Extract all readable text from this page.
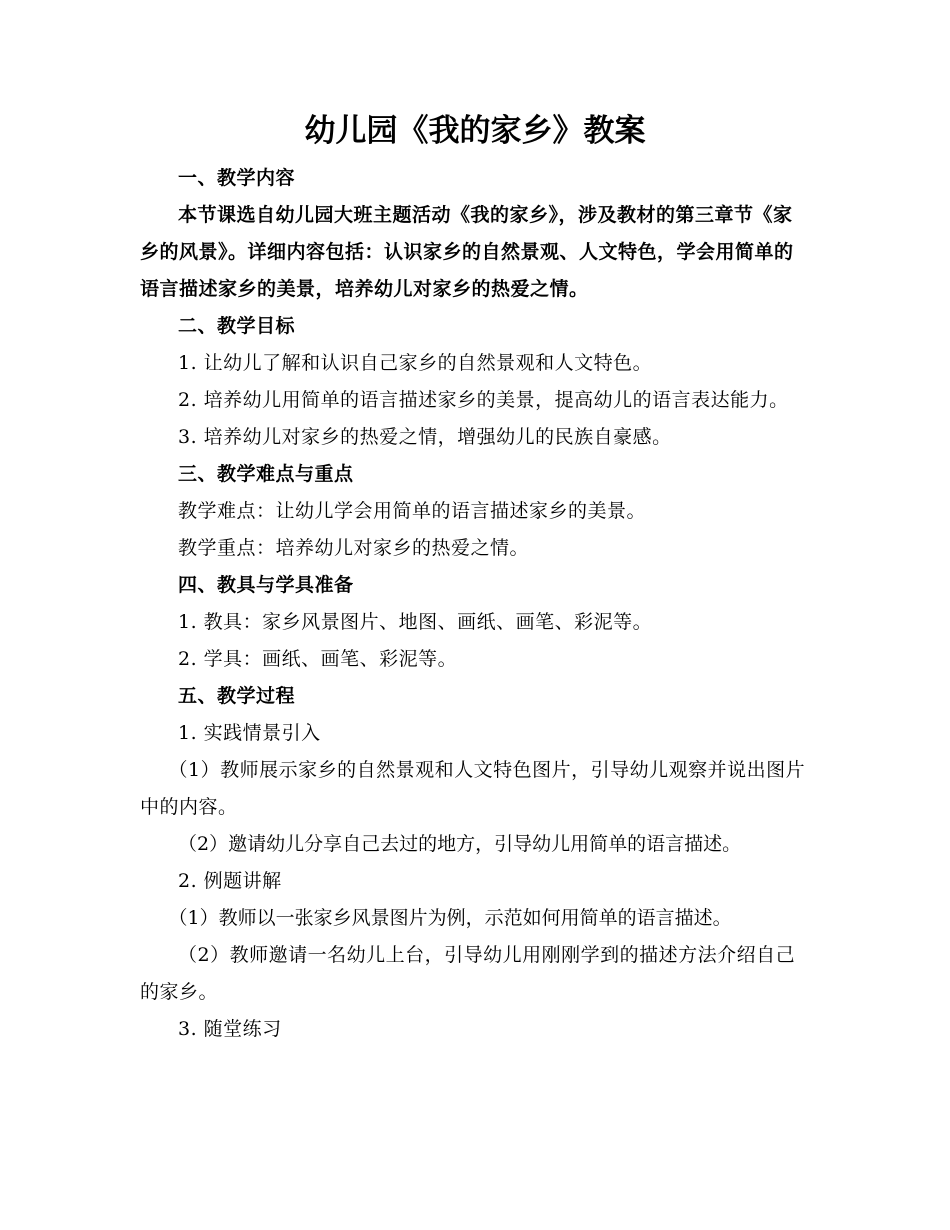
幼儿园《我的家乡》教案

一、教学内容

本节课选自幼儿园大班主题活动《我的家乡》，涉及教材的第三章节《家乡的风景》。详细内容包括：认识家乡的自然景观、人文特色，学会用简单的语言描述家乡的美景，培养幼儿对家乡的热爱之情。

二、教学目标

1. 让幼儿了解和认识自己家乡的自然景观和人文特色。

2. 培养幼儿用简单的语言描述家乡的美景，提高幼儿的语言表达能力。

3. 培养幼儿对家乡的热爱之情，增强幼儿的民族自豪感。

三、教学难点与重点

教学难点：让幼儿学会用简单的语言描述家乡的美景。

教学重点：培养幼儿对家乡的热爱之情。

四、教具与学具准备

1. 教具：家乡风景图片、地图、画纸、画笔、彩泥等。

2. 学具：画纸、画笔、彩泥等。

五、教学过程

1. 实践情景引入

（1）教师展示家乡的自然景观和人文特色图片，引导幼儿观察并说出图片中的内容。

（2）邀请幼儿分享自己去过的地方，引导幼儿用简单的语言描述。

2. 例题讲解

（1）教师以一张家乡风景图片为例，示范如何用简单的语言描述。

（2）教师邀请一名幼儿上台，引导幼儿用刚刚学到的描述方法介绍自己的家乡。

3. 随堂练习
